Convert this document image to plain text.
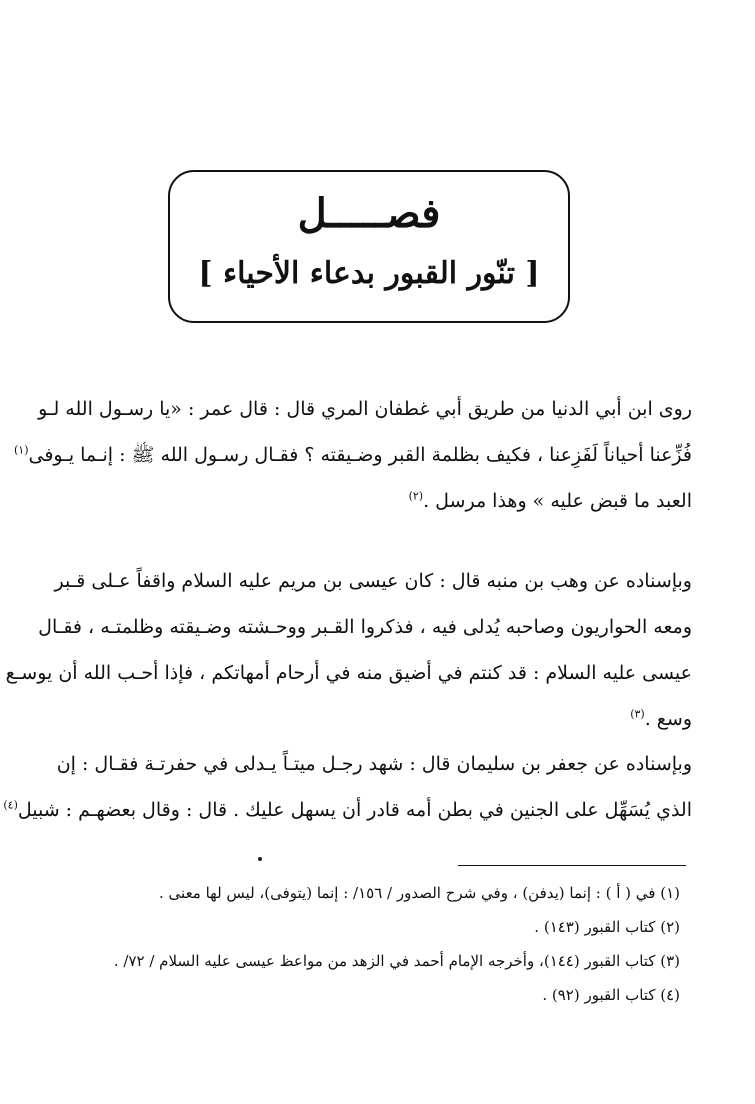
فصـــــل
[ تنّور القبور بدعاء الأحياء ]
روى ابن أبي الدنيا من طريق أبي غطفان المري قال : قال عمر : «يا رسـول الله لـو
فُزِّعنا أحياناً لَفَزِعنا ، فكيف بظلمة القبر وضـيقته ؟ فقـال رسـول الله ﷺ : إنـما يـوفى$^{(١)}$
العبد ما قبض عليه » وهذا مرسل .$^{(٢)}$
وبإسناده عن وهب بن منبه قال : كان عيسى بن مريم عليه السلام واقفاً عـلى قـبر
ومعه الحواريون وصاحبه يُدلى فيه ، فذكروا القـبر ووحـشته وضـيقته وظلمتـه ، فقـال
عيسى عليه السلام : قد كنتم في أضيق منه في أرحام أمهاتكم ، فإذا أحـب الله أن يوسـع
وسع .$^{(٣)}$
وبإسناده عن جعفر بن سليمان قال : شهد رجـل ميتـاً يـدلى في حفرتـة فقـال : إن
الذي يُسَهِّل على الجنين في بطن أمه قادر أن يسهل عليك . قال : وقال بعضهـم : شبيل$^{(٤)}$
(١) في ( أ ) : إنما (يدفن) ، وفي شرح الصدور / ١٥٦/ : إنما (يتوفى)، ليس لها معنى .
(٢) كتاب القبور (١٤٣) .
(٣) كتاب القبور (١٤٤)، وأخرجه الإمام أحمد في الزهد من مواعظ عيسى عليه السلام / ٧٢/ .
(٤) كتاب القبور (٩٢) .
